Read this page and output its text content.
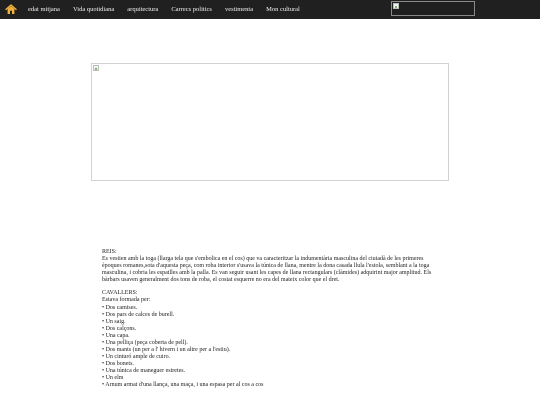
edat mitjana Vida quotidiana arquitectura Carrecs politics vestimenta Mon cultural

REIS:

Es vestien amb la toga (llarga tela que s'embolica en el cos) que va caracteritzar la indumentària masculina del ciutadà de les primeres èpoques romanes,sota d'aquesta peça, com roba interior s'usava la túnica de llana, mentre la dona casada llula l'estola, semblant a la toga masculina, i cobria les espatlles amb la palla. Es van seguir usant les capes de llana rectangulars (clàmides) adquirint major amplitud. Els bàrbars usaven generalment dos tons de roba, el costat esquerre no era del mateix color que el dret.

CAVALLERS:

Estava formada per:

• Dos camises.
• Dos pars de calces de burell.
• Un saig.
• Dos calçons.
• Una capa.
• Una pelliça (peça coberta de pell).
• Dos mants (un per a l' hivern i un altre per a l'estiu).
• Un cinturó ample de cuiro.
• Dos bonets.
• Una túnica de maneguer estretes.
• Un elm
• Arnum armat d'una llança, una maça, i una espasa per al cos a cos
